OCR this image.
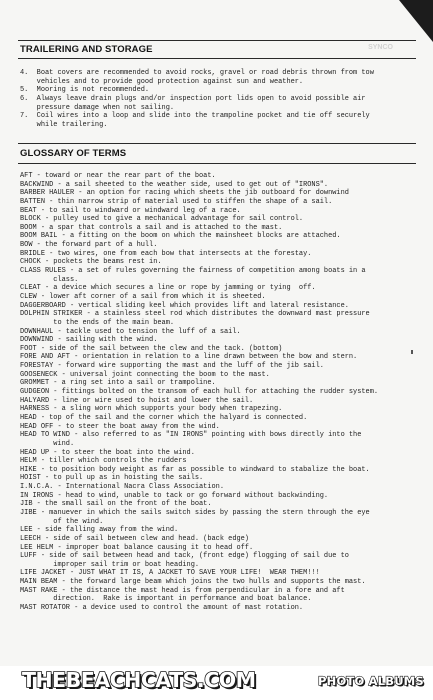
TRAILERING AND STORAGE	SYNCO
4.  Boat covers are recommended to avoid rocks, gravel or road debris thrown from tow
vehicles and to provide good protection against sun and weather.
5.  Mooring is not recommended.
6.  Always leave drain plugs and/or inspection port lids open to avoid possible air
pressure damage when not sailing.
7.  Coil wires into a loop and slide into the trampoline pocket and tie off securely
while trailering.
GLOSSARY OF TERMS
AFT - toward or near the rear part of the boat.
BACKWIND - a sail sheeted to the weather side, used to get out of "IRONS".
BARBER HAULER - an option for racing which sheets the jib outboard for downwind
BATTEN - thin narrow strip of material used to stiffen the shape of a sail.
BEAT - to sail to windward or windward leg of a race.
BLOCK - pulley used to give a mechanical advantage for sail control.
BOOM - a spar that controls a sail and is attached to the mast.
BOOM BAIL - a fitting on the boom on which the mainsheet blocks are attached.
BOW - the forward part of a hull.
BRIDLE - two wires, one from each bow that intersects at the forestay.
CHOCK - pockets the beams rest in.
CLASS RULES - a set of rules governing the fairness of competition among boats in a
class.
CLEAT - a device which secures a line or rope by jamming or tying  off.
CLEW - lower aft corner of a sail from which it is sheeted.
DAGGERBOARD - vertical sliding keel which provides lift and lateral resistance.
DOLPHIN STRIKER - a stainless steel rod which distributes the downward mast pressure
to the ends of the main beam.
DOWNHAUL - tackle used to tension the luff of a sail.
DOWNWIND - sailing with the wind.
FOOT - side of the sail between the clew and the tack. (bottom)
FORE AND AFT - orientation in relation to a line drawn between the bow and stern.
FORESTAY - forward wire supporting the mast and the luff of the jib sail.
GOOSENECK - universal joint connecting the boom to the mast.
GROMMET - a ring set into a sail or trampoline.
GUDGEON - fittings bolted on the transom of each hull for attaching the rudder system.
HALYARD - line or wire used to hoist and lower the sail.
HARNESS - a sling worn which supports your body when trapezing.
HEAD - top of the sail and the corner which the halyard is connected.
HEAD OFF - to steer the boat away from the wind.
HEAD TO WIND - also referred to as "IN IRONS" pointing with bows directly into the
wind.
HEAD UP - to steer the boat into the wind.
HELM - tiller which controls the rudders
HIKE - to position body weight as far as possible to windward to stabalize the boat.
HOIST - to pull up as in hoisting the sails.
I.N.C.A. - International Nacra Class Association.
IN IRONS - head to wind, unable to tack or go forward without backwinding.
JIB - the small sail on the front of the boat.
JIBE - manuever in which the sails switch sides by passing the stern through the eye
of the wind.
LEE - side falling away from the wind.
LEECH - side of sail between clew and head. (back edge)
LEE HELM - improper boat balance causing it to head off.
LUFF - side of sail between head and tack, (front edge) flogging of sail due to
improper sail trim or boat heading.
LIFE JACKET - JUST WHAT IT IS, A JACKET TO SAVE YOUR LIFE!  WEAR THEM!!!
MAIN BEAM - the forward large beam which joins the two hulls and supports the mast.
MAST RAKE - the distance the mast head is from perpendicular in a fore and aft
direction.  Rake is important in performance and boat balance.
MAST ROTATOR - a device used to control the amount of mast rotation.
THEBEACHCATS.COM	PHOTO ALBUMS
